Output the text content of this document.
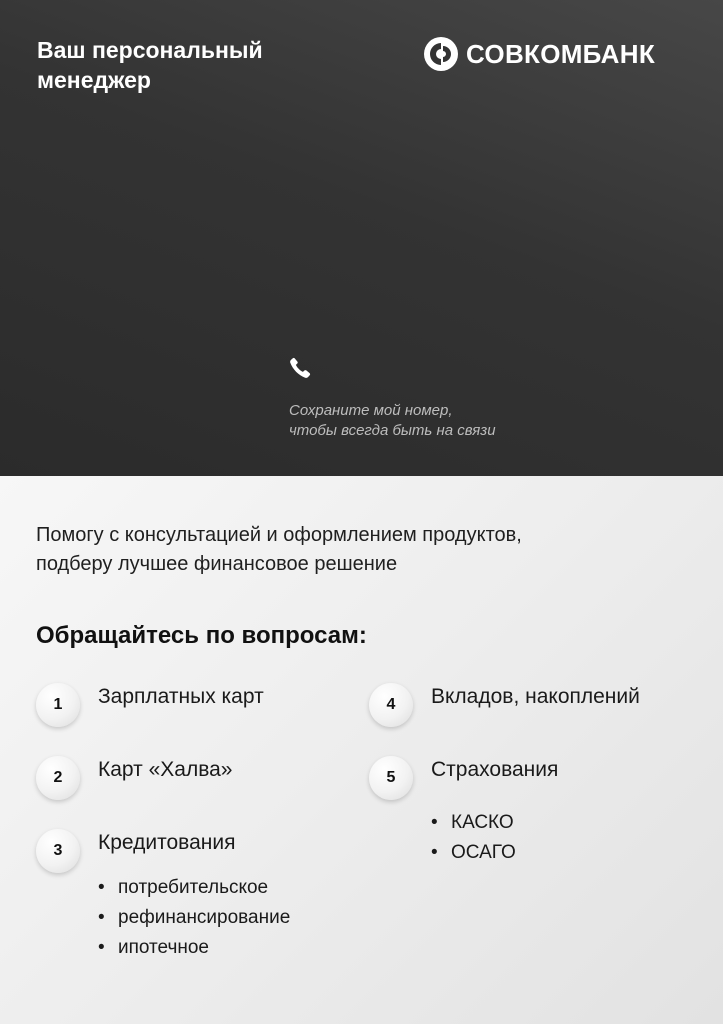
Ваш персональный
менеджер
СОВКОМБАНК
Сохраните мой номер,
чтобы всегда быть на связи
Помогу с консультацией и оформлением продуктов,
подберу лучшее финансовое решение
Обращайтесь по вопросам:
1	Зарплатных карт
2	Карт «Халва»
3	Кредитования
• потребительское
• рефинансирование
• ипотечное
4	Вкладов, накоплений
5	Страхования
• КАСКО
• ОСАГО
